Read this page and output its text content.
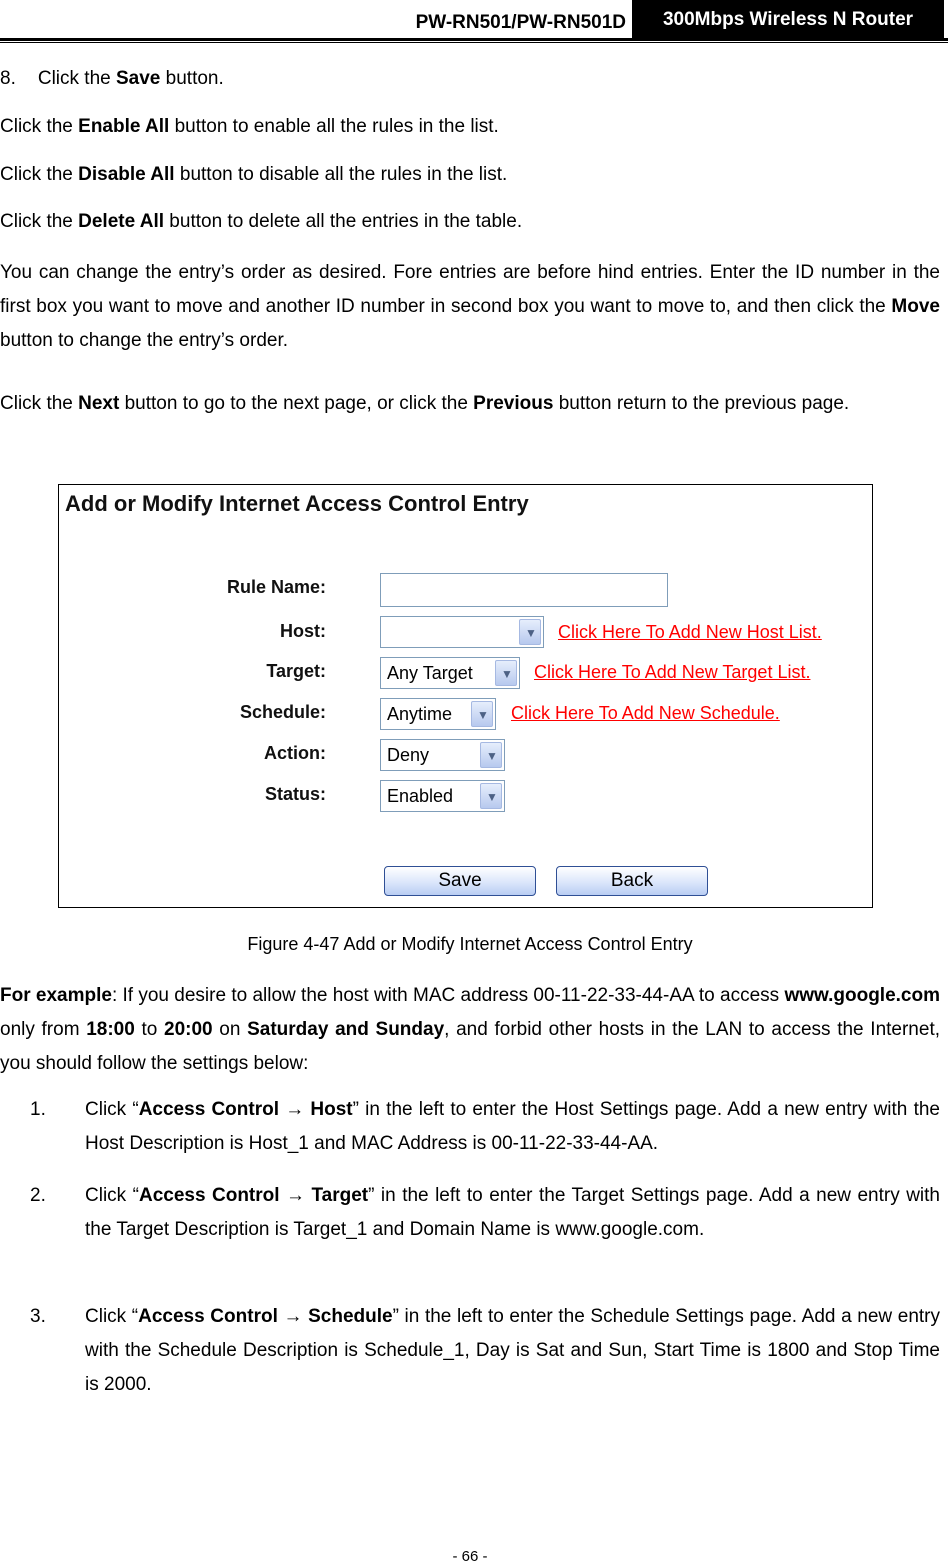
PW-RN501/PW-RN501D	300Mbps Wireless N Router
8. Click the Save button.
Click the Enable All button to enable all the rules in the list.
Click the Disable All button to disable all the rules in the list.
Click the Delete All button to delete all the entries in the table.
You can change the entry’s order as desired. Fore entries are before hind entries. Enter the ID number in the first box you want to move and another ID number in second box you want to move to, and then click the Move button to change the entry’s order.
Click the Next button to go to the next page, or click the Previous button return to the previous page.
Add or Modify Internet Access Control Entry
Rule Name:
Host:	▼ Click Here To Add New Host List.
Target:	Any Target ▼ Click Here To Add New Target List.
Schedule:	Anytime ▼ Click Here To Add New Schedule.
Action:	Deny	▼
Status:	Enabled	▼
Save	Back
Figure 4-47 Add or Modify Internet Access Control Entry
For example: If you desire to allow the host with MAC address 00-11-22-33-44-AA to access www.google.com only from 18:00 to 20:00 on Saturday and Sunday, and forbid other hosts in the LAN to access the Internet, you should follow the settings below:
1. Click “Access Control → Host” in the left to enter the Host Settings page. Add a new entry with the Host Description is Host_1 and MAC Address is 00-11-22-33-44-AA.
2. Click “Access Control → Target” in the left to enter the Target Settings page. Add a new entry with the Target Description is Target_1 and Domain Name is www.google.com.
3. Click “Access Control → Schedule” in the left to enter the Schedule Settings page. Add a new entry with the Schedule Description is Schedule_1, Day is Sat and Sun, Start Time is 1800 and Stop Time is 2000.
- 66 -
